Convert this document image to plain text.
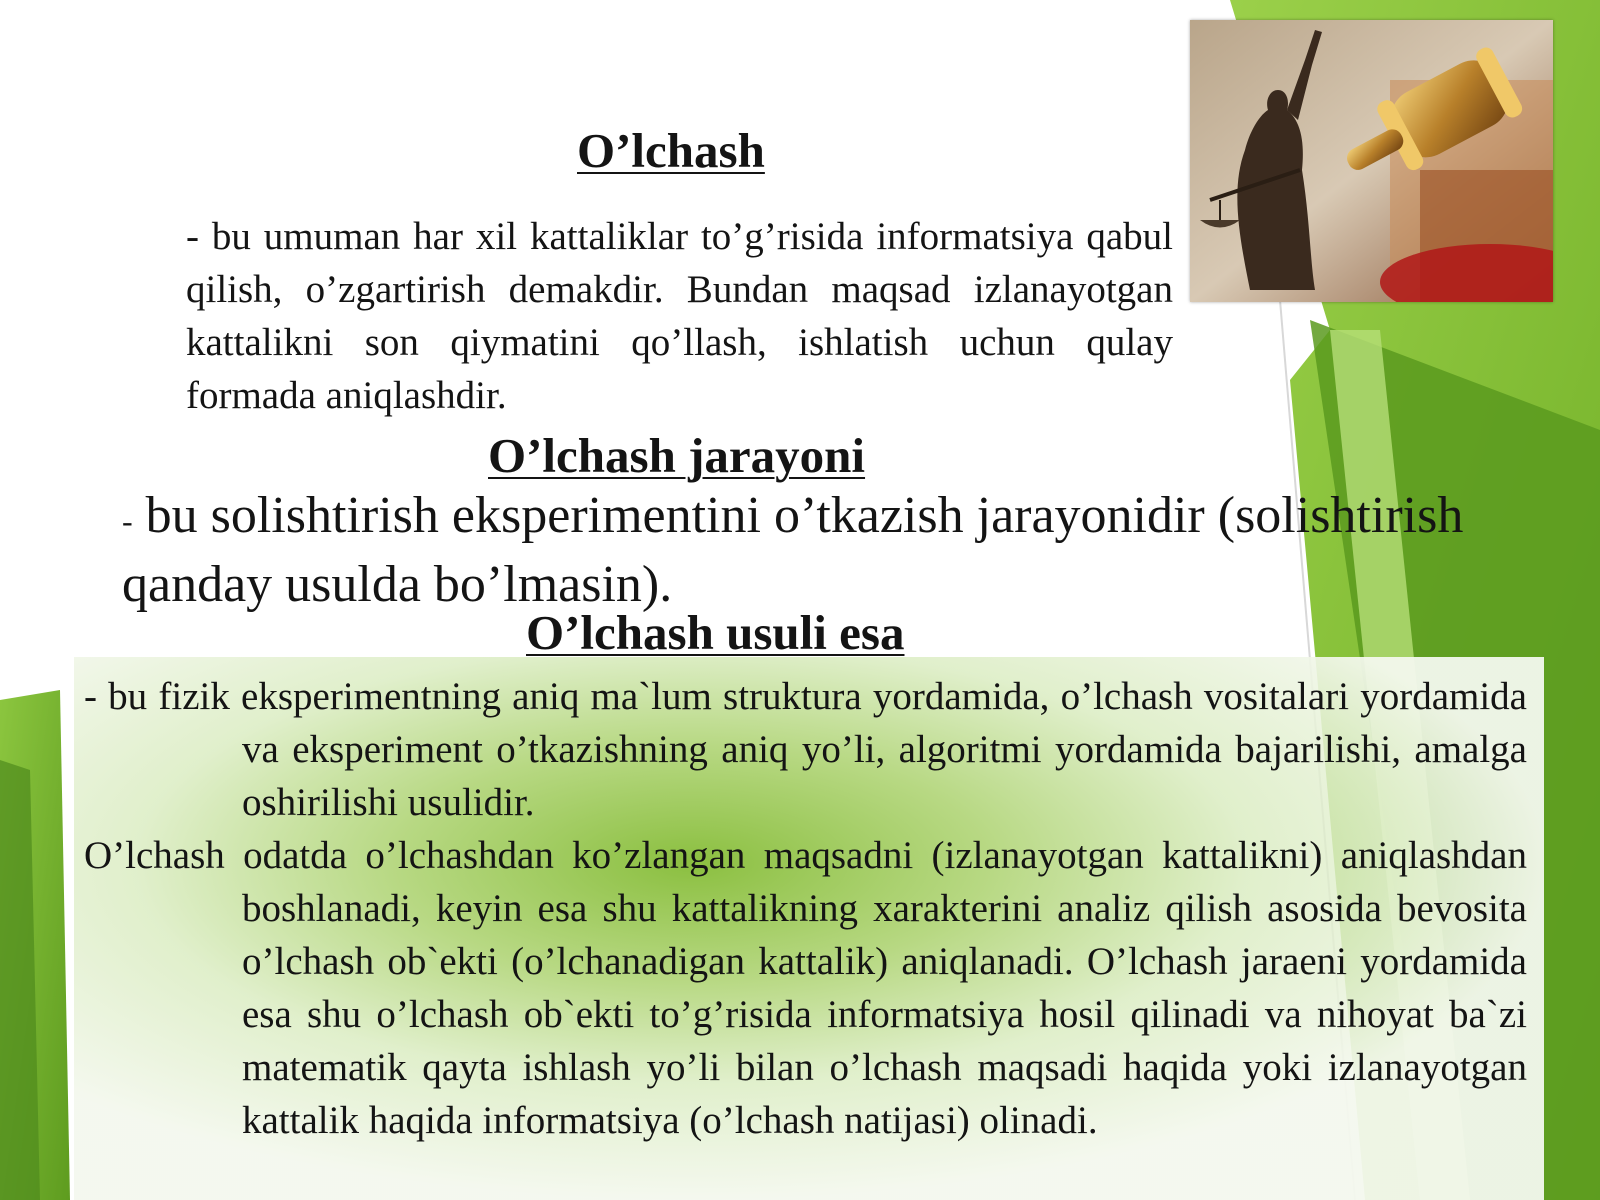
O’lchash

- bu umuman har xil kattaliklar to’g’risida informatsiya qabul qilish, o’zgartirish demakdir. Bundan maqsad izlanayotgan kattalikni son qiymatini qo’llash, ishlatish uchun qulay formada aniqlashdir.

O’lchash jarayoni

- bu solishtirish eksperimentini o’tkazish jarayonidir (solishtirish qanday usulda bo’lmasin).

O’lchash usuli esa

- bu fizik eksperimentning aniq ma`lum struktura yordamida, o’lchash vositalari yordamida va eksperiment o’tkazishning aniq yo’li, algoritmi yordamida bajarilishi, amalga oshirilishi usulidir.

O’lchash odatda o’lchashdan ko’zlangan maqsadni (izlanayotgan kattalikni) aniqlashdan boshlanadi, keyin esa shu kattalikning xarakterini analiz qilish asosida bevosita o’lchash ob`ekti (o’lchanadigan kattalik) aniqlanadi. O’lchash jaraeni yordamida esa shu o’lchash ob`ekti to’g’risida informatsiya hosil qilinadi va nihoyat ba`zi matematik qayta ishlash yo’li bilan o’lchash maqsadi haqida yoki izlanayotgan kattalik haqida informatsiya (o’lchash natijasi) olinadi.
